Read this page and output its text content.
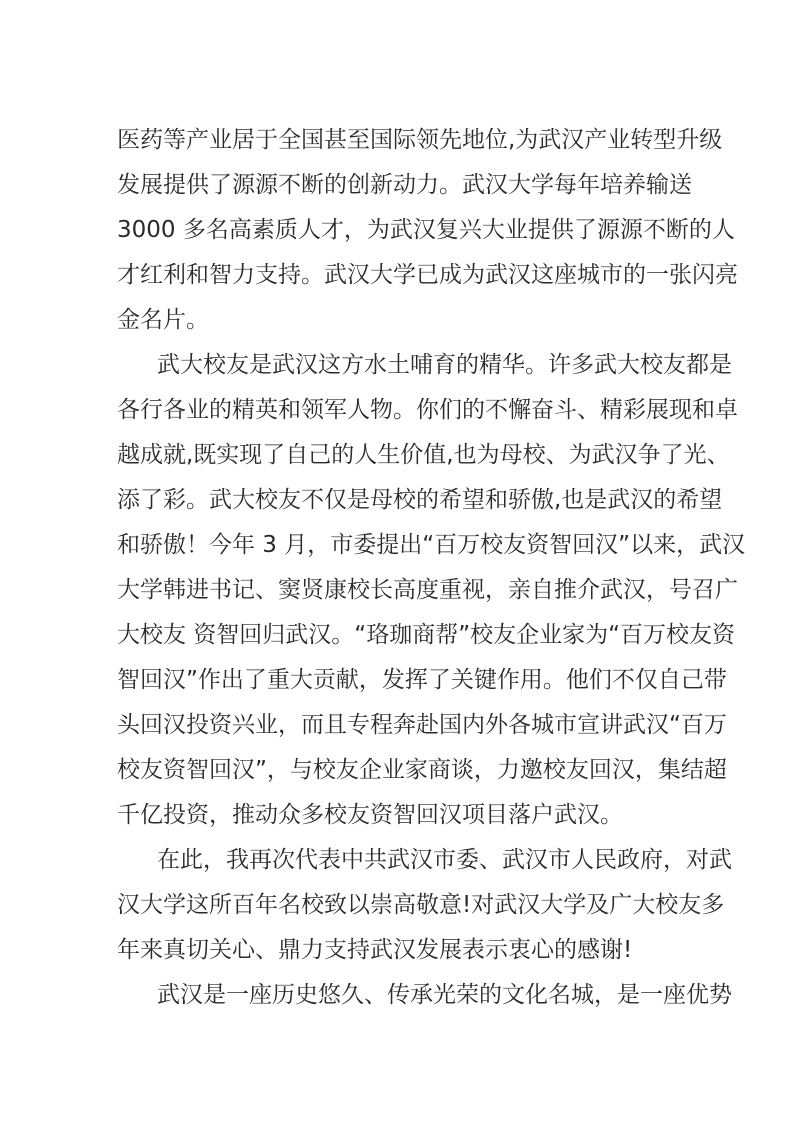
医药等产业居于全国甚至国际领先地位,为武汉产业转型升级
发展提供了源源不断的创新动力。武汉大学每年培养输送
3000 多名高素质人才，为武汉复兴大业提供了源源不断的人
才红利和智力支持。武汉大学已成为武汉这座城市的一张闪亮
金名片。
武大校友是武汉这方水土哺育的精华。许多武大校友都是
各行各业的精英和领军人物。你们的不懈奋斗、精彩展现和卓
越成就,既实现了自己的人生价值,也为母校、为武汉争了光、
添了彩。武大校友不仅是母校的希望和骄傲,也是武汉的希望
和骄傲！今年 3 月，市委提出“百万校友资智回汉”以来，武汉
大学韩进书记、窦贤康校长高度重视，亲自推介武汉，号召广
大校友 资智回归武汉。“珞珈商帮”校友企业家为“百万校友资
智回汉”作出了重大贡献，发挥了关键作用。他们不仅自己带
头回汉投资兴业，而且专程奔赴国内外各城市宣讲武汉“百万
校友资智回汉”，与校友企业家商谈，力邀校友回汉，集结超
千亿投资，推动众多校友资智回汉项目落户武汉。
在此，我再次代表中共武汉市委、武汉市人民政府，对武
汉大学这所百年名校致以崇高敬意!对武汉大学及广大校友多
年来真切关心、鼎力支持武汉发展表示衷心的感谢!
武汉是一座历史悠久、传承光荣的文化名城，是一座优势
